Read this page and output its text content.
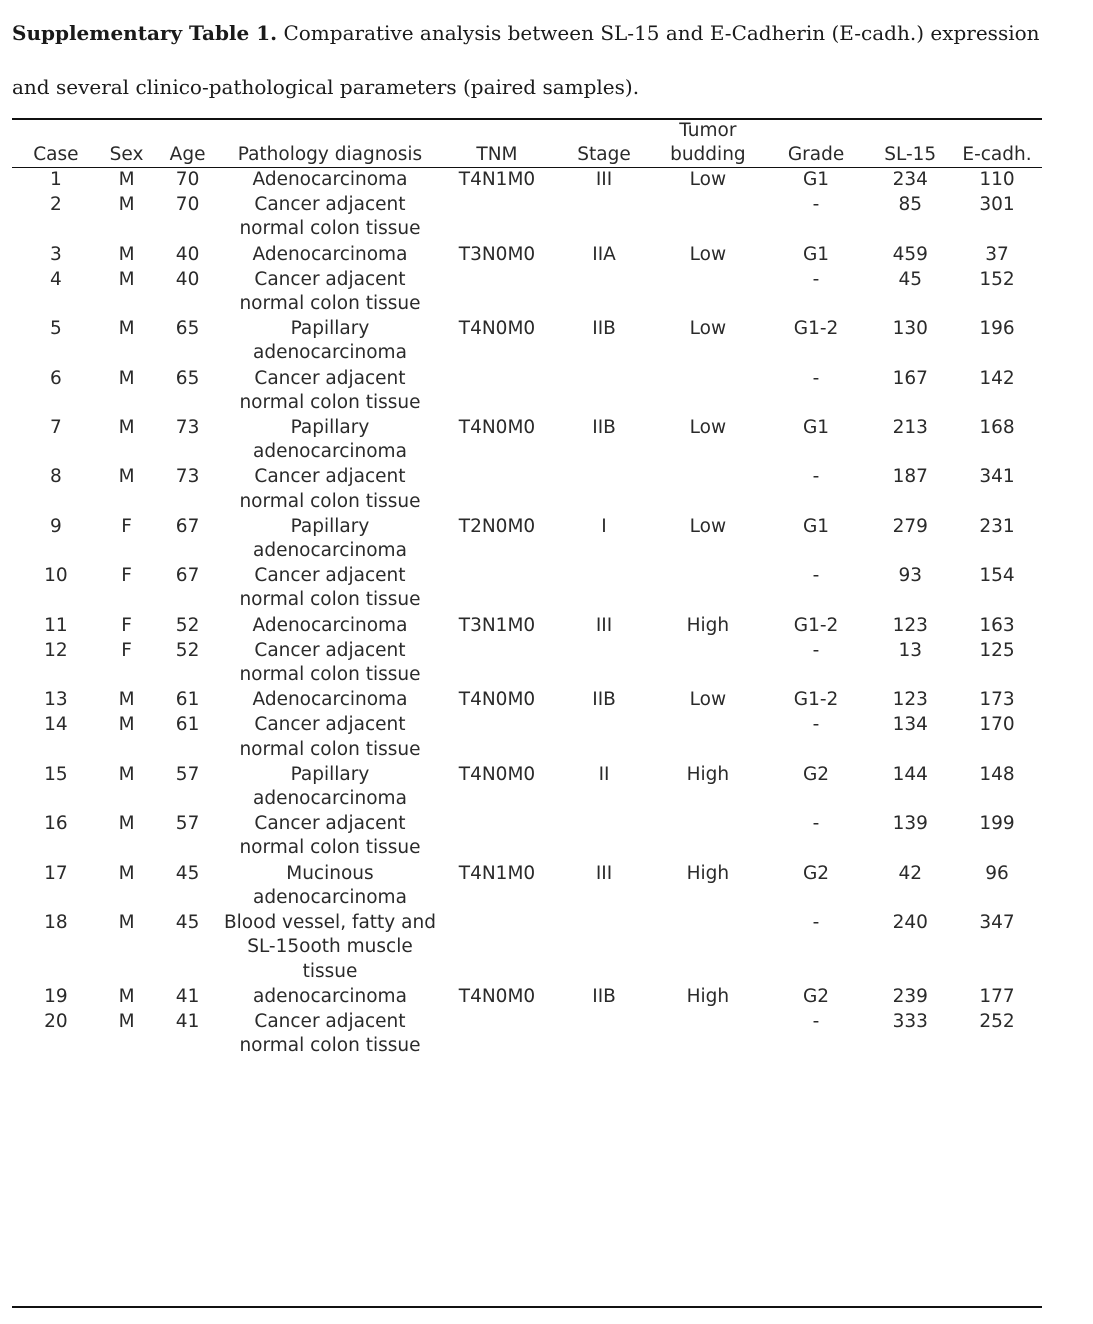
Supplementary Table 1. Comparative analysis between SL-15 and E-Cadherin (E-cadh.) expression and several clinico-pathological parameters (paired samples).
Case	Sex	Age	Pathology diagnosis	TNM	Stage	Tumor budding	Grade	SL-15	E-cadh.
1	M	70	Adenocarcinoma	T4N1M0	III	Low	G1	234	110
2	M	70	Cancer adjacent normal colon tissue				-	85	301
3	M	40	Adenocarcinoma	T3N0M0	IIA	Low	G1	459	37
4	M	40	Cancer adjacent normal colon tissue				-	45	152
5	M	65	Papillary adenocarcinoma	T4N0M0	IIB	Low	G1-2	130	196
6	M	65	Cancer adjacent normal colon tissue				-	167	142
7	M	73	Papillary adenocarcinoma	T4N0M0	IIB	Low	G1	213	168
8	M	73	Cancer adjacent normal colon tissue				-	187	341
9	F	67	Papillary adenocarcinoma	T2N0M0	I	Low	G1	279	231
10	F	67	Cancer adjacent normal colon tissue				-	93	154
11	F	52	Adenocarcinoma	T3N1M0	III	High	G1-2	123	163
12	F	52	Cancer adjacent normal colon tissue				-	13	125
13	M	61	Adenocarcinoma	T4N0M0	IIB	Low	G1-2	123	173
14	M	61	Cancer adjacent normal colon tissue				-	134	170
15	M	57	Papillary adenocarcinoma	T4N0M0	II	High	G2	144	148
16	M	57	Cancer adjacent normal colon tissue				-	139	199
17	M	45	Mucinous adenocarcinoma	T4N1M0	III	High	G2	42	96
18	M	45	Blood vessel, fatty and SL-15ooth muscle tissue				-	240	347
19	M	41	adenocarcinoma	T4N0M0	IIB	High	G2	239	177
20	M	41	Cancer adjacent normal colon tissue				-	333	252
